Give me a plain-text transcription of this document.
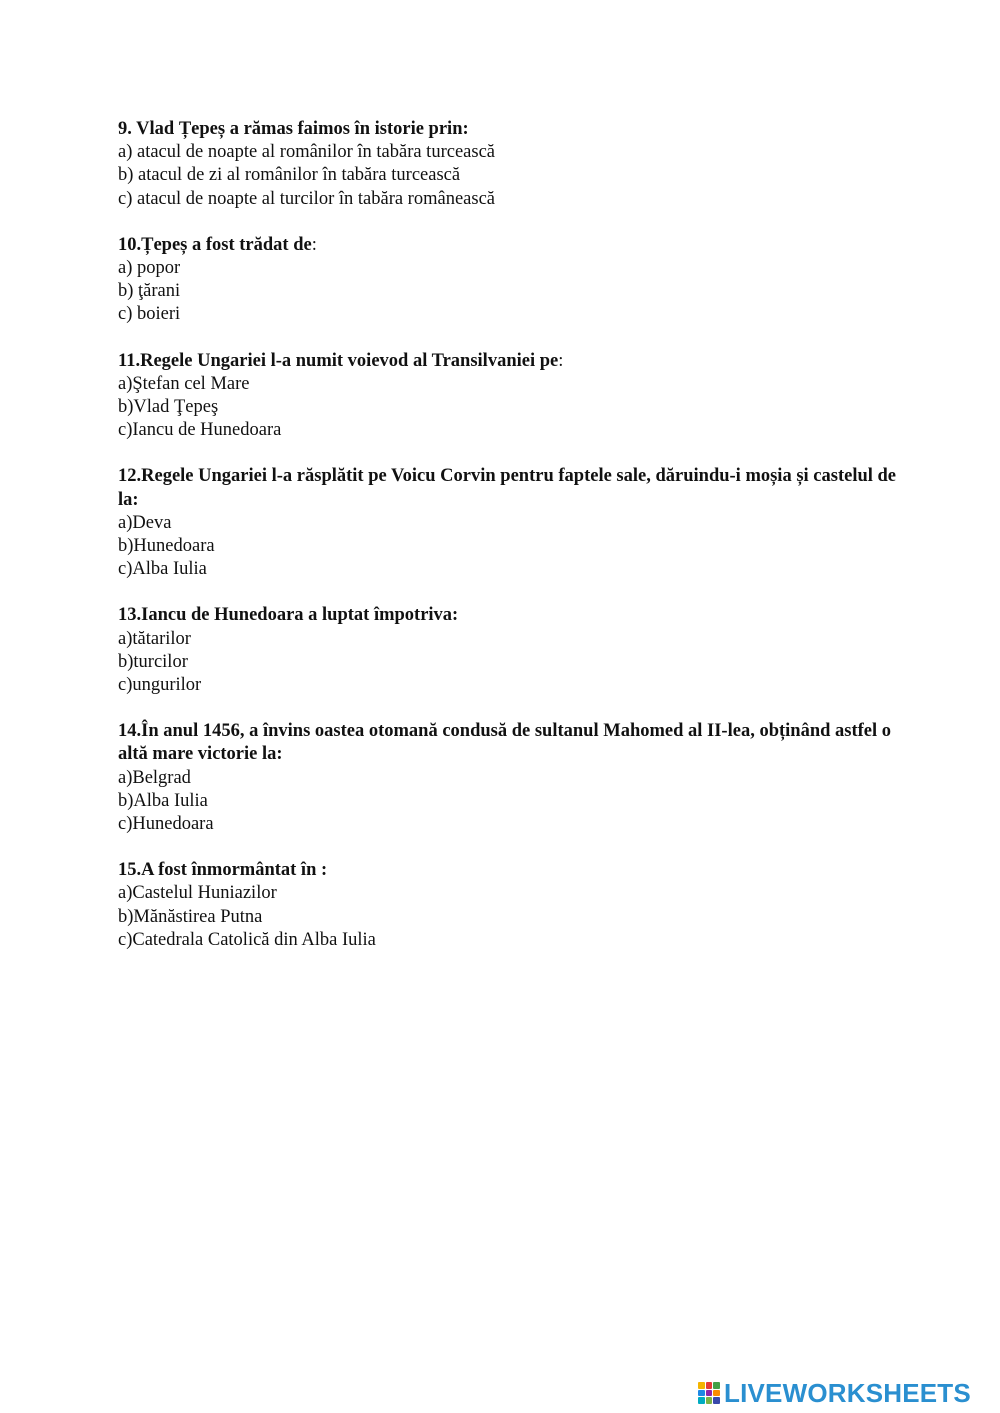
9. Vlad Țepeș a rămas faimos în istorie prin:
a) atacul de noapte al românilor în tabăra turcească
b) atacul de zi al românilor în tabăra turcească
c) atacul de noapte al turcilor în tabăra românească
10.Țepeș a fost trădat de:
a) popor
b) ţărani
c) boieri
11.Regele Ungariei l-a numit voievod al Transilvaniei pe:
a)Ştefan cel Mare
b)Vlad Ţepeş
c)Iancu de Hunedoara
12.Regele Ungariei l-a răsplătit pe Voicu Corvin pentru faptele sale, dăruindu-i moșia și castelul de la:
a)Deva
b)Hunedoara
c)Alba Iulia
13.Iancu de Hunedoara a luptat împotriva:
a)tătarilor
b)turcilor
c)ungurilor
14.În anul 1456, a învins oastea otomană condusă de sultanul Mahomed al II-lea, obținând astfel o altă mare victorie la:
a)Belgrad
b)Alba Iulia
c)Hunedoara
15.A fost înmormântat în :
a)Castelul Huniazilor
b)Mănăstirea Putna
c)Catedrala Catolică din Alba Iulia
LIVEWORKSHEETS
